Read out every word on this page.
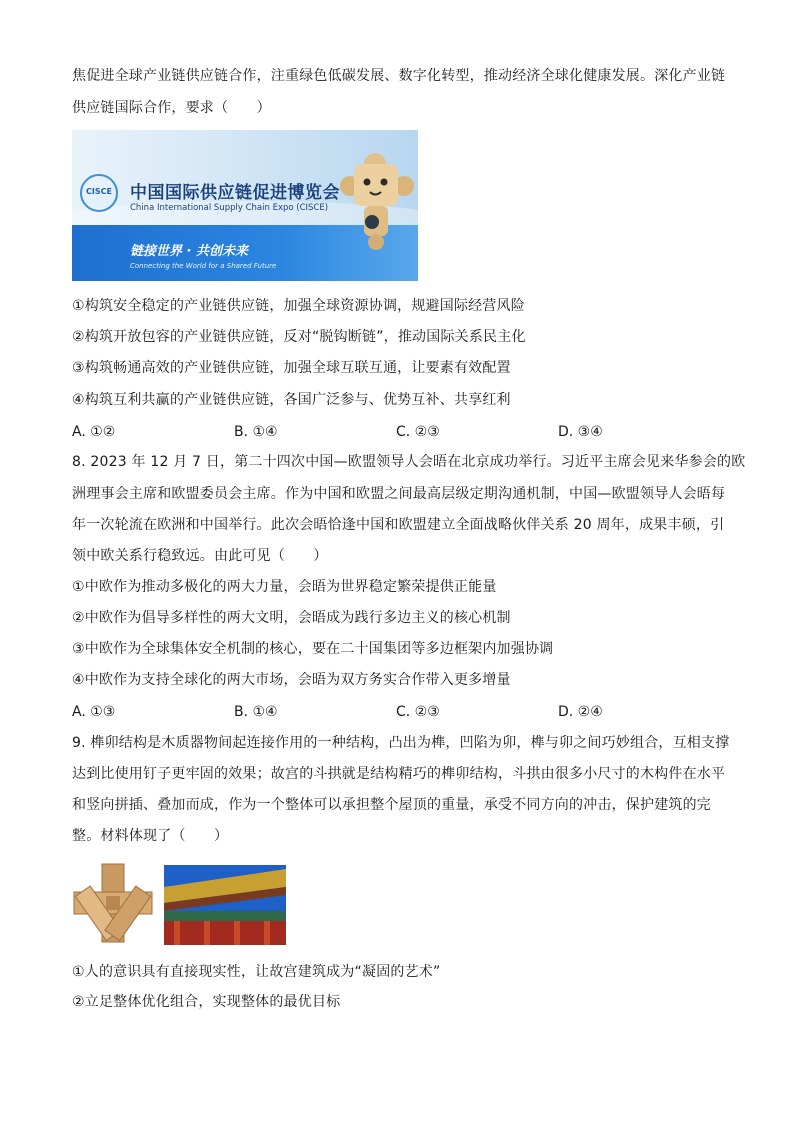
焦促进全球产业链供应链合作，注重绿色低碳发展、数字化转型，推动经济全球化健康发展。深化产业链
供应链国际合作，要求（　　）
CISCE 中国国际供应链促进博览会
China International Supply Chain Expo (CISCE)
链接世界 · 共创未来
Connecting the World for a Shared Future
①构筑安全稳定的产业链供应链，加强全球资源协调，规避国际经营风险
②构筑开放包容的产业链供应链，反对“脱钩断链”，推动国际关系民主化
③构筑畅通高效的产业链供应链，加强全球互联互通，让要素有效配置
④构筑互利共赢的产业链供应链，各国广泛参与、优势互补、共享红利
A. ①②	B. ①④	C. ②③	D. ③④
8. 2023 年 12 月 7 日，第二十四次中国—欧盟领导人会晤在北京成功举行。习近平主席会见来华参会的欧
洲理事会主席和欧盟委员会主席。作为中国和欧盟之间最高层级定期沟通机制，中国—欧盟领导人会晤每
年一次轮流在欧洲和中国举行。此次会晤恰逢中国和欧盟建立全面战略伙伴关系 20 周年，成果丰硕，引
领中欧关系行稳致远。由此可见（　　）
①中欧作为推动多极化的两大力量，会晤为世界稳定繁荣提供正能量
②中欧作为倡导多样性的两大文明，会晤成为践行多边主义的核心机制
③中欧作为全球集体安全机制的核心，要在二十国集团等多边框架内加强协调
④中欧作为支持全球化的两大市场，会晤为双方务实合作带入更多增量
A. ①③	B. ①④	C. ②③	D. ②④
9. 榫卯结构是木质器物间起连接作用的一种结构，凸出为榫，凹陷为卯，榫与卯之间巧妙组合，互相支撑
达到比使用钉子更牢固的效果；故宫的斗拱就是结构精巧的榫卯结构，斗拱由很多小尺寸的木构件在水平
和竖向拼插、叠加而成，作为一个整体可以承担整个屋顶的重量，承受不同方向的冲击，保护建筑的完
整。材料体现了（　　）
①人的意识具有直接现实性，让故宫建筑成为“凝固的艺术”
②立足整体优化组合，实现整体的最优目标
